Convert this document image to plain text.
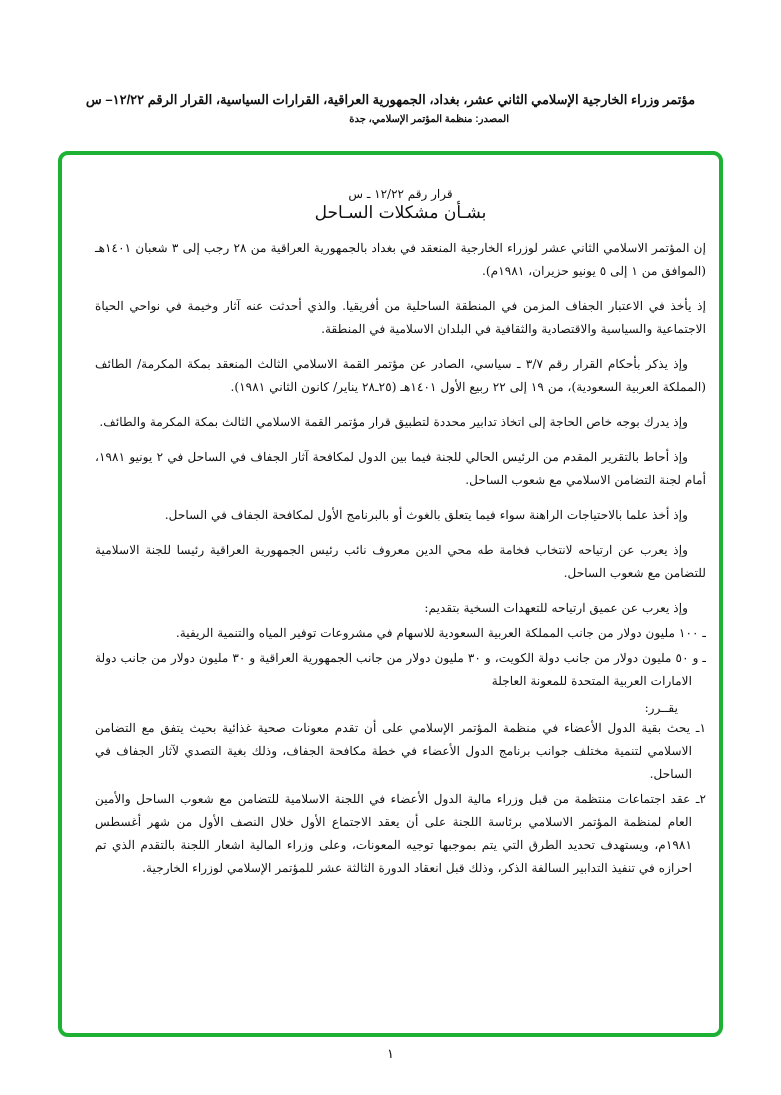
مؤتمر وزراء الخارجية الإسلامي الثاني عشر، بغداد، الجمهورية العراقية، القرارات السياسية، القرار الرقم ١٢/٢٢– س
المصدر: منظمة المؤتمر الإسلامي، جدة
قرار رقم ١٢/٢٢ ـ س
بشـأن مشكلات السـاحل

إن المؤتمر الاسلامي الثاني عشر لوزراء الخارجية المنعقد في بغداد بالجمهورية العراقية من ٢٨ رجب إلى ٣ شعبان ١٤٠١هـ (الموافق من ١ إلى ٥ يونيو حزيران، ١٩٨١م).

إذ يأخذ في الاعتبار الجفاف المزمن في المنطقة الساحلية من أفريقيا. والذي أحدثت عنه آثار وخيمة في نواحي الحياة الاجتماعية والسياسية والاقتصادية والثقافية في البلدان الاسلامية في المنطقة.

وإذ يذكر بأحكام القرار رقم ٣/٧ ـ سياسي، الصادر عن مؤتمر القمة الاسلامي الثالث المنعقد بمكة المكرمة/ الطائف (المملكة العربية السعودية)، من ١٩ إلى ٢٢ ربيع الأول ١٤٠١هـ (٢٥ـ٢٨ يناير/ كانون الثاني ١٩٨١).

وإذ يدرك بوجه خاص الحاجة إلى اتخاذ تدابير محددة لتطبيق قرار مؤتمر القمة الاسلامي الثالث بمكة المكرمة والطائف.

وإذ أحاط بالتقرير المقدم من الرئيس الحالي للجنة فيما بين الدول لمكافحة آثار الجفاف في الساحل في ٢ يونيو ١٩٨١، أمام لجنة التضامن الاسلامي مع شعوب الساحل.

وإذ أخذ علما بالاحتياجات الراهنة سواء فيما يتعلق بالغوث أو بالبرنامج الأول لمكافحة الجفاف في الساحل.

وإذ يعرب عن ارتياحه لانتخاب فخامة طه محي الدين معروف نائب رئيس الجمهورية العراقية رئيسا للجنة الاسلامية للتضامن مع شعوب الساحل.

وإذ يعرب عن عميق ارتياحه للتعهدات السخية بتقديم:

ـ ١٠٠ مليون دولار من جانب المملكة العربية السعودية للاسهام في مشروعات توفير المياه والتنمية الريفية.
ـ و ٥٠ مليون دولار من جانب دولة الكويت، و ٣٠ مليون دولار من جانب الجمهورية العراقية و ٣٠ مليون دولار من جانب دولة الامارات العربية المتحدة للمعونة العاجلة
يقــرر:
١ـ يحث بقية الدول الأعضاء في منظمة المؤتمر الإسلامي على أن تقدم معونات صحية غذائية بحيث يتفق مع التضامن الاسلامي لتنمية مختلف جوانب برنامج الدول الأعضاء في خطة مكافحة الجفاف، وذلك بغية التصدي لآثار الجفاف في الساحل.
٢ـ عقد اجتماعات منتظمة من قبل وزراء مالية الدول الأعضاء في اللجنة الاسلامية للتضامن مع شعوب الساحل والأمين العام لمنظمة المؤتمر الاسلامي برئاسة اللجنة على أن يعقد الاجتماع الأول خلال النصف الأول من شهر أغسطس ١٩٨١م، ويستهدف تحديد الطرق التي يتم بموجبها توجيه المعونات، وعلى وزراء المالية اشعار اللجنة بالتقدم الذي تم احرازه في تنفيذ التدابير السالفة الذكر، وذلك قبل انعقاد الدورة الثالثة عشر للمؤتمر الإسلامي لوزراء الخارجية.
١
